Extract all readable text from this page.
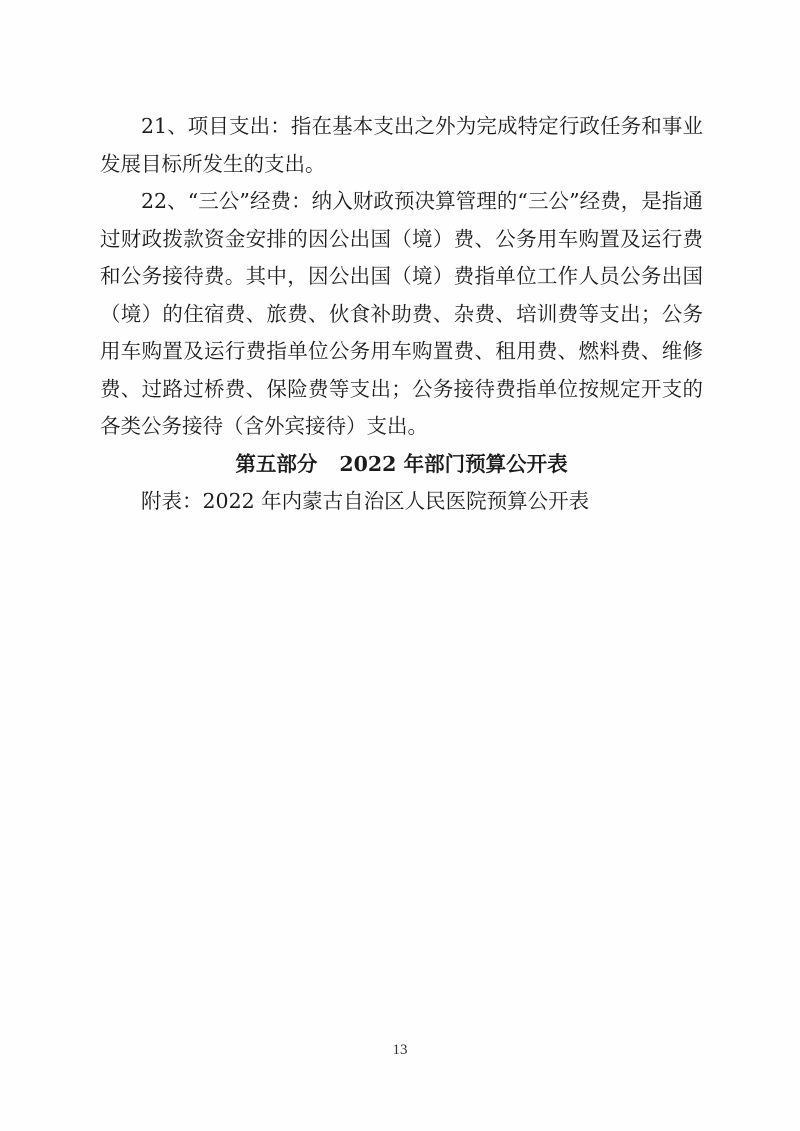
21、项目支出：指在基本支出之外为完成特定行政任务和事业发展目标所发生的支出。

22、“三公”经费：纳入财政预决算管理的“三公”经费，是指通过财政拨款资金安排的因公出国（境）费、公务用车购置及运行费和公务接待费。其中，因公出国（境）费指单位工作人员公务出国（境）的住宿费、旅费、伙食补助费、杂费、培训费等支出；公务用车购置及运行费指单位公务用车购置费、租用费、燃料费、维修费、过路过桥费、保险费等支出；公务接待费指单位按规定开支的各类公务接待（含外宾接待）支出。

第五部分 2022 年部门预算公开表

附表：2022 年内蒙古自治区人民医院预算公开表

13
